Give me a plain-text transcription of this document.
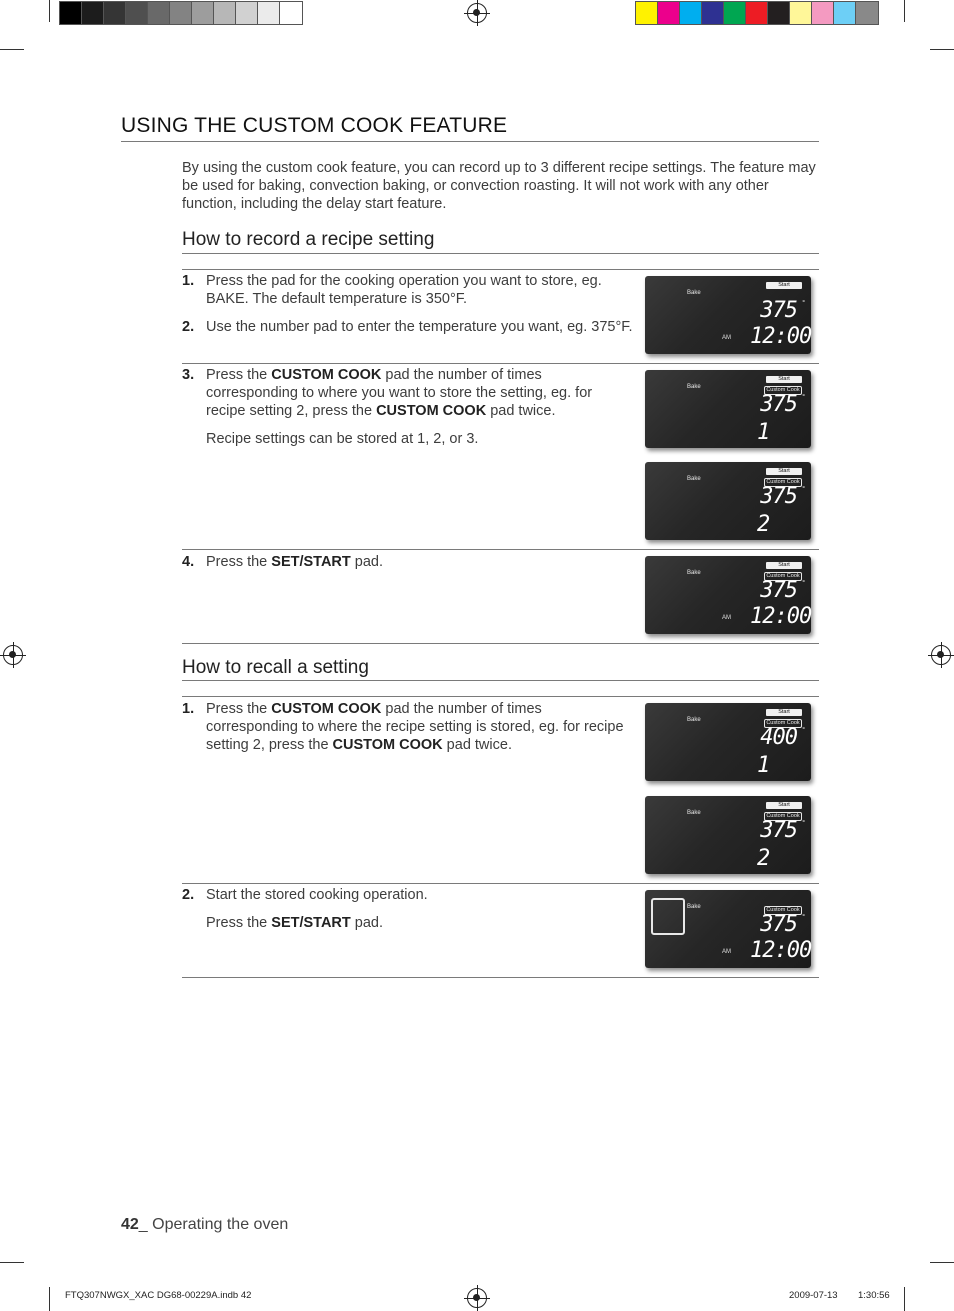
USING THE CUSTOM COOK FEATURE

By using the custom cook feature, you can record up to 3 different recipe settings. The feature may be used for baking, convection baking, or convection roasting. It will not work with any other function, including the delay start feature.

How to record a recipe setting
1. Press the pad for the cooking operation you want to store, eg. BAKE. The default temperature is 350°F.

2. Use the number pad to enter the temperature you want, eg. 375°F.

3. Press the CUSTOM COOK pad the number of times corresponding to where you want to store the setting, eg. for recipe setting 2, press the CUSTOM COOK pad twice.

Recipe settings can be stored at 1, 2, or 3.

4. Press the SET/START pad.

How to recall a setting
1. Press the CUSTOM COOK pad the number of times corresponding to where the recipe setting is stored, eg. for recipe setting 2, press the CUSTOM COOK pad twice.

2. Start the stored cooking operation.

Press the SET/START pad.

Bake
Start
375 °
AM 12:00
Bake
Start
Custom Cook
375 °
1
Bake
Start
Custom Cook
375 °
2
Bake
Start
Custom Cook
375 °
AM 12:00
Bake
Start
Custom Cook
400 °
1
Bake
Start
Custom Cook
375 °
2
Bake	Custom Cook
375 °
AM 12:00
42_ Operating the oven
FTQ307NWGX_XAC DG68-00229A.indb 42	2009-07-13 1:30:56
